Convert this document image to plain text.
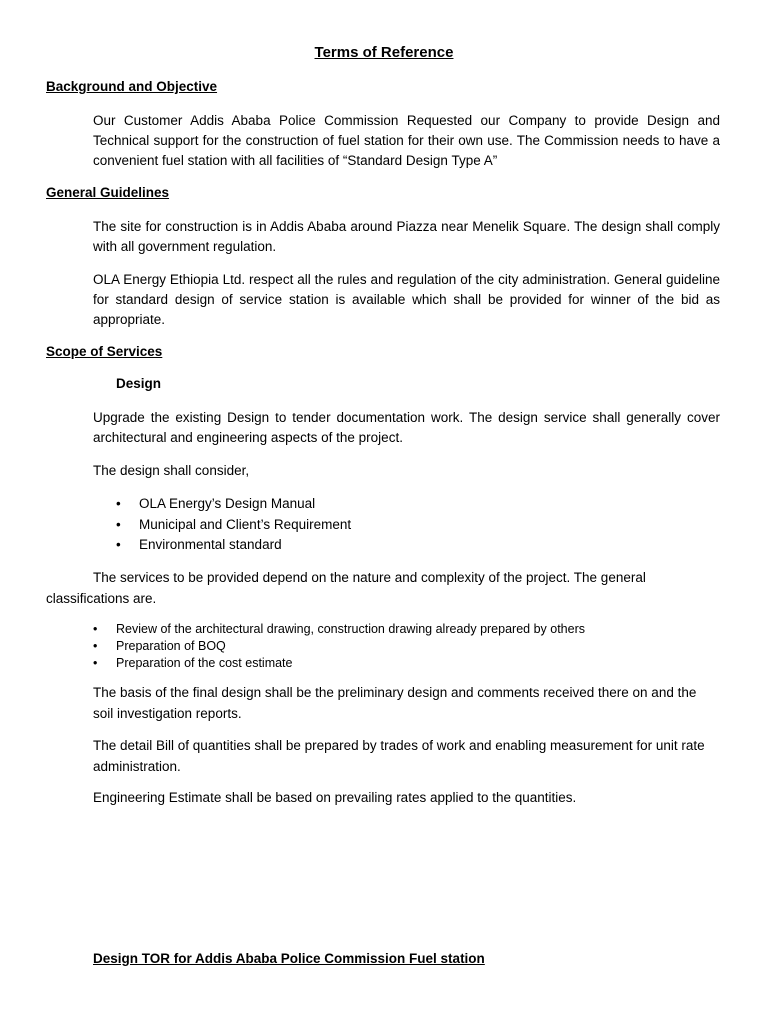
Terms of Reference
Background and Objective

Our Customer Addis Ababa Police Commission Requested our Company to provide Design and Technical support for the construction of fuel station for their own use. The Commission needs to have a convenient fuel station with all facilities of “Standard Design Type A”

General Guidelines

The site for construction is in Addis Ababa around Piazza near Menelik Square. The design shall comply with all government regulation.

OLA Energy Ethiopia Ltd. respect all the rules and regulation of the city administration. General guideline for standard design of service station is available which shall be provided for winner of the bid as appropriate.

Scope of Services
Design

Upgrade the existing Design to tender documentation work. The design service shall generally cover architectural and engineering aspects of the project.

The design shall consider,

• OLA Energy’s Design Manual
• Municipal and Client’s Requirement
• Environmental standard

The services to be provided depend on the nature and complexity of the project. The general classifications are.

• Review of the architectural drawing, construction drawing already prepared by others
• Preparation of BOQ
• Preparation of the cost estimate

The basis of the final design shall be the preliminary design and comments received there on and the soil investigation reports.

The detail Bill of quantities shall be prepared by trades of work and enabling measurement for unit rate administration.

Engineering Estimate shall be based on prevailing rates applied to the quantities.

Design TOR for Addis Ababa Police Commission Fuel station
